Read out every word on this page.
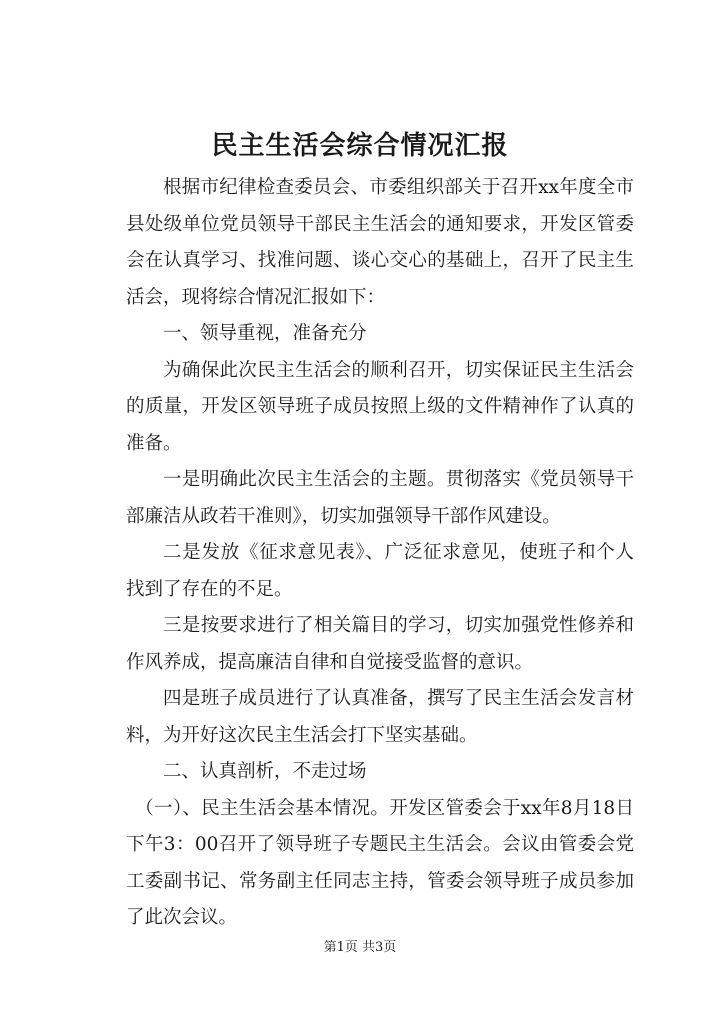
民主生活会综合情况汇报

根据市纪律检查委员会、市委组织部关于召开xx年度全市县处级单位党员领导干部民主生活会的通知要求，开发区管委会在认真学习、找准问题、谈心交心的基础上，召开了民主生活会，现将综合情况汇报如下：

一、领导重视，准备充分

为确保此次民主生活会的顺利召开，切实保证民主生活会的质量，开发区领导班子成员按照上级的文件精神作了认真的准备。

一是明确此次民主生活会的主题。贯彻落实《党员领导干部廉洁从政若干准则》，切实加强领导干部作风建设。

二是发放《征求意见表》、广泛征求意见，使班子和个人找到了存在的不足。

三是按要求进行了相关篇目的学习，切实加强党性修养和作风养成，提高廉洁自律和自觉接受监督的意识。

四是班子成员进行了认真准备，撰写了民主生活会发言材料，为开好这次民主生活会打下坚实基础。

二、认真剖析，不走过场

（一）、民主生活会基本情况。开发区管委会于xx年8月18日下午3：00召开了领导班子专题民主生活会。会议由管委会党工委副书记、常务副主任同志主持，管委会领导班子成员参加了此次会议。

第1页 共3页
